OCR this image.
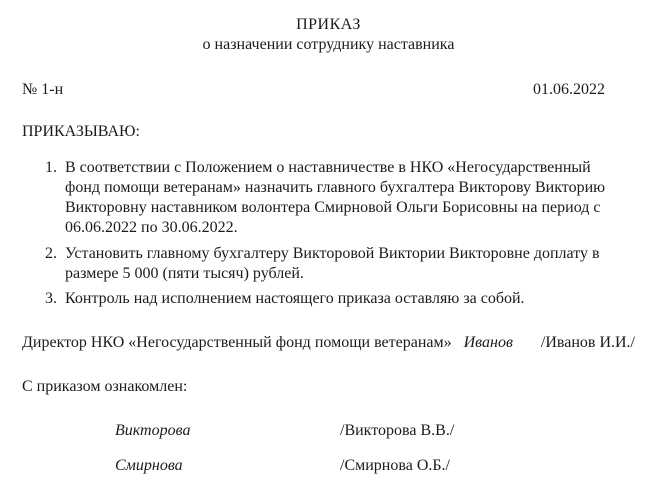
ПРИКАЗ
о назначении сотруднику наставника
№ 1-н	01.06.2022
ПРИКАЗЫВАЮ:
1. В соответствии с Положением о наставничестве в НКО «Негосударственный фонд помощи ветеранам» назначить главного бухгалтера Викторову Викторию Викторовну наставником волонтера Смирновой Ольги Борисовны на период с 06.06.2022 по 30.06.2022.
2. Установить главному бухгалтеру Викторовой Виктории Викторовне доплату в размере 5 000 (пяти тысяч) рублей.
3. Контроль над исполнением настоящего приказа оставляю за собой.
Директор НКО «Негосударственный фонд помощи ветеранам» Иванов /Иванов И.И./
С приказом ознакомлен:
Викторова	/Викторова В.В./
Смирнова	/Смирнова О.Б./
